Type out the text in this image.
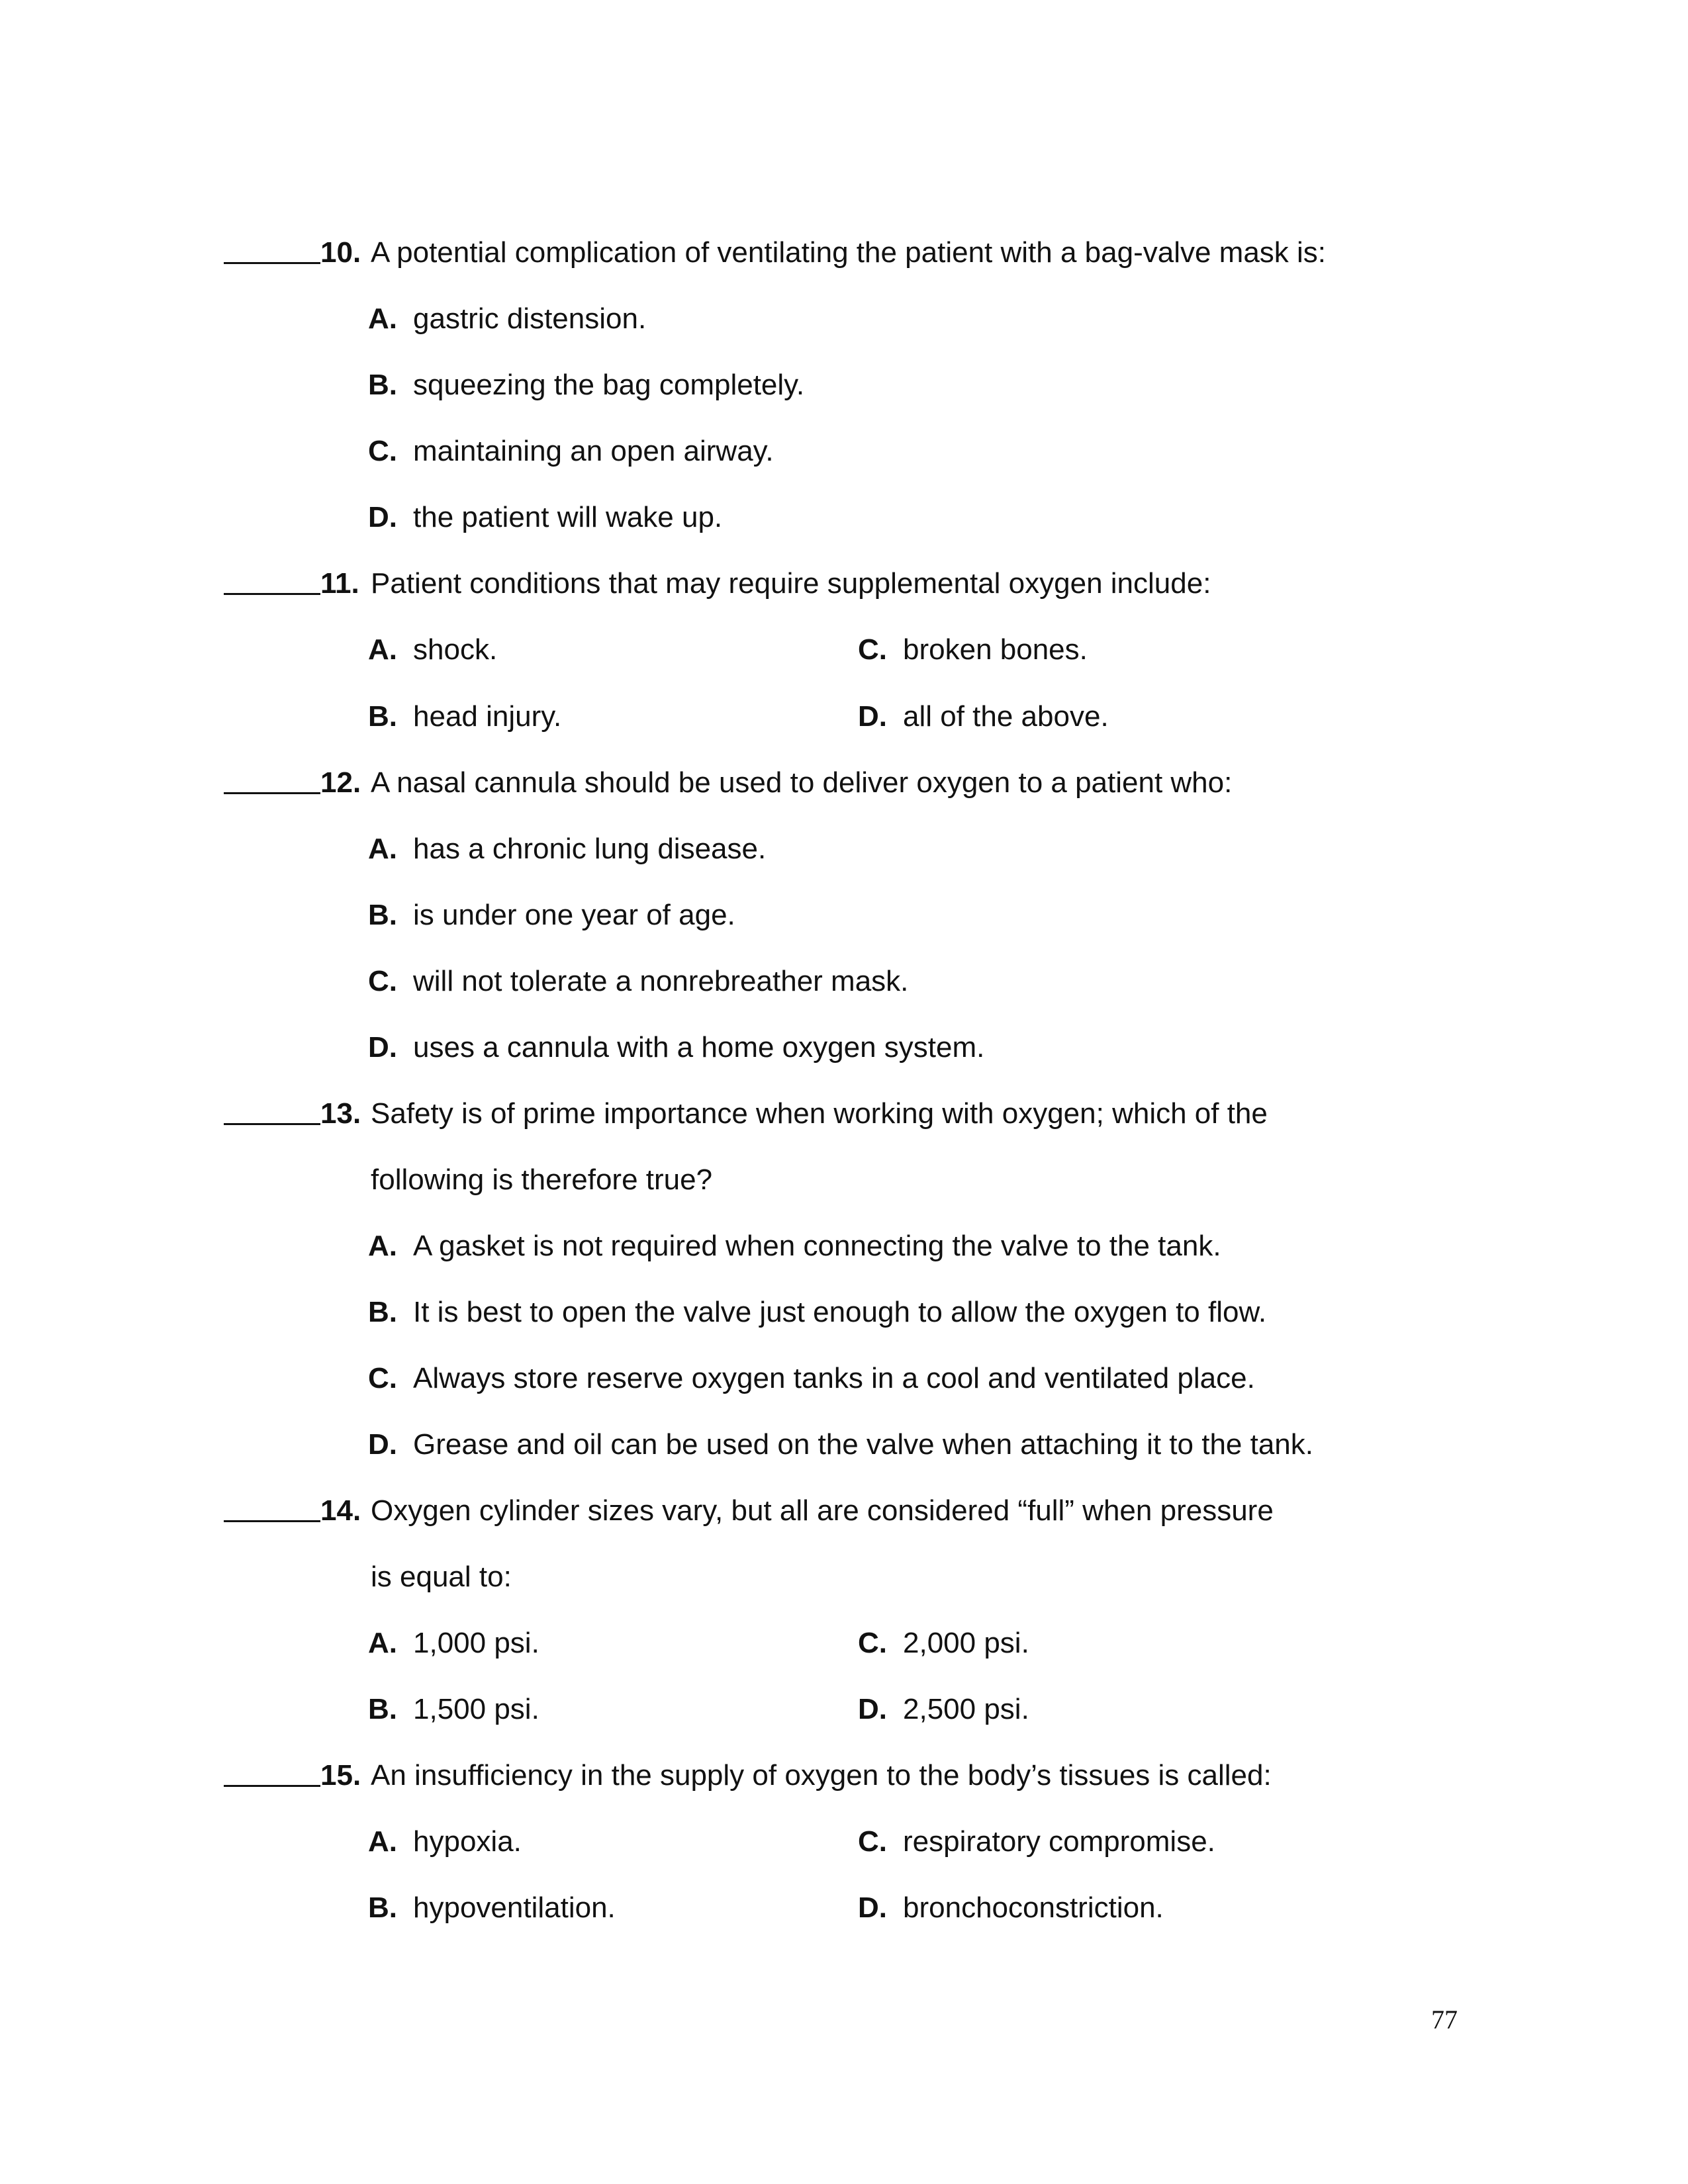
10. A potential complication of ventilating the patient with a bag-valve mask is:
A. gastric distension.
B. squeezing the bag completely.
C. maintaining an open airway.
D. the patient will wake up.
11. Patient conditions that may require supplemental oxygen include:
A. shock.	C. broken bones.
B. head injury.	D. all of the above.
12. A nasal cannula should be used to deliver oxygen to a patient who:
A. has a chronic lung disease.
B. is under one year of age.
C. will not tolerate a nonrebreather mask.
D. uses a cannula with a home oxygen system.
13. Safety is of prime importance when working with oxygen; which of the
following is therefore true?
A. A gasket is not required when connecting the valve to the tank.
B. It is best to open the valve just enough to allow the oxygen to flow.
C. Always store reserve oxygen tanks in a cool and ventilated place.
D. Grease and oil can be used on the valve when attaching it to the tank.
14. Oxygen cylinder sizes vary, but all are considered “full” when pressure
is equal to:
A. 1,000 psi.	C. 2,000 psi.
B. 1,500 psi.	D. 2,500 psi.
15. An insufficiency in the supply of oxygen to the body’s tissues is called:
A. hypoxia.	C. respiratory compromise.
B. hypoventilation.	D. bronchoconstriction.
77
